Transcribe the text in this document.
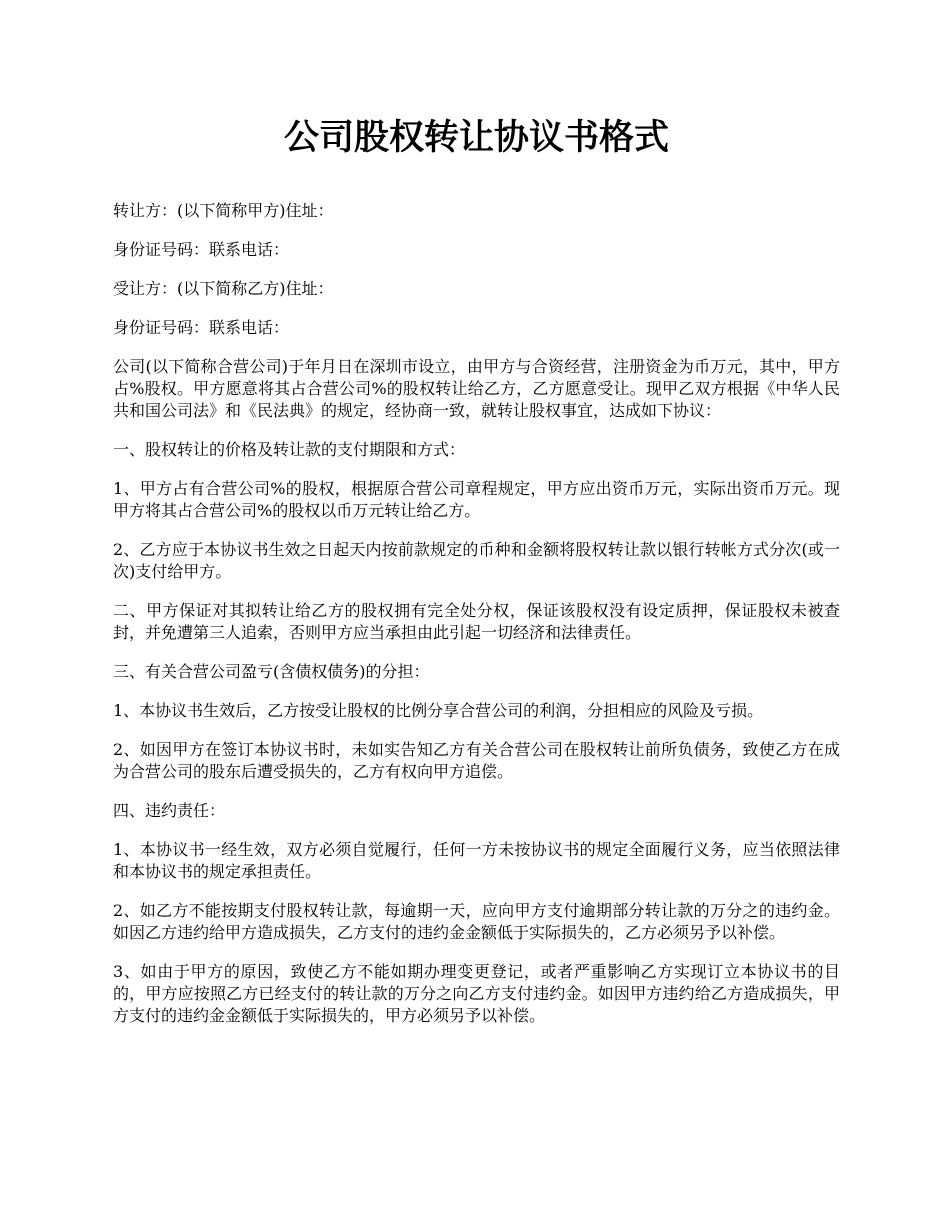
公司股权转让协议书格式

转让方：(以下简称甲方)住址：

身份证号码：联系电话：

受让方：(以下简称乙方)住址：

身份证号码：联系电话：

公司(以下简称合营公司)于年月日在深圳市设立，由甲方与合资经营，注册资金为币万元，其中，甲方占%股权。甲方愿意将其占合营公司%的股权转让给乙方，乙方愿意受让。现甲乙双方根据《中华人民共和国公司法》和《民法典》的规定，经协商一致，就转让股权事宜，达成如下协议：

一、股权转让的价格及转让款的支付期限和方式：

1、甲方占有合营公司%的股权，根据原合营公司章程规定，甲方应出资币万元，实际出资币万元。现甲方将其占合营公司%的股权以币万元转让给乙方。

2、乙方应于本协议书生效之日起天内按前款规定的币种和金额将股权转让款以银行转帐方式分次(或一次)支付给甲方。

二、甲方保证对其拟转让给乙方的股权拥有完全处分权，保证该股权没有设定质押，保证股权未被查封，并免遭第三人追索，否则甲方应当承担由此引起一切经济和法律责任。

三、有关合营公司盈亏(含债权债务)的分担：

1、本协议书生效后，乙方按受让股权的比例分享合营公司的利润，分担相应的风险及亏损。

2、如因甲方在签订本协议书时，未如实告知乙方有关合营公司在股权转让前所负债务，致使乙方在成为合营公司的股东后遭受损失的，乙方有权向甲方追偿。

四、违约责任：

1、本协议书一经生效，双方必须自觉履行，任何一方未按协议书的规定全面履行义务，应当依照法律和本协议书的规定承担责任。

2、如乙方不能按期支付股权转让款，每逾期一天，应向甲方支付逾期部分转让款的万分之的违约金。如因乙方违约给甲方造成损失，乙方支付的违约金金额低于实际损失的，乙方必须另予以补偿。

3、如由于甲方的原因，致使乙方不能如期办理变更登记，或者严重影响乙方实现订立本协议书的目的，甲方应按照乙方已经支付的转让款的万分之向乙方支付违约金。如因甲方违约给乙方造成损失，甲方支付的违约金金额低于实际损失的，甲方必须另予以补偿。
